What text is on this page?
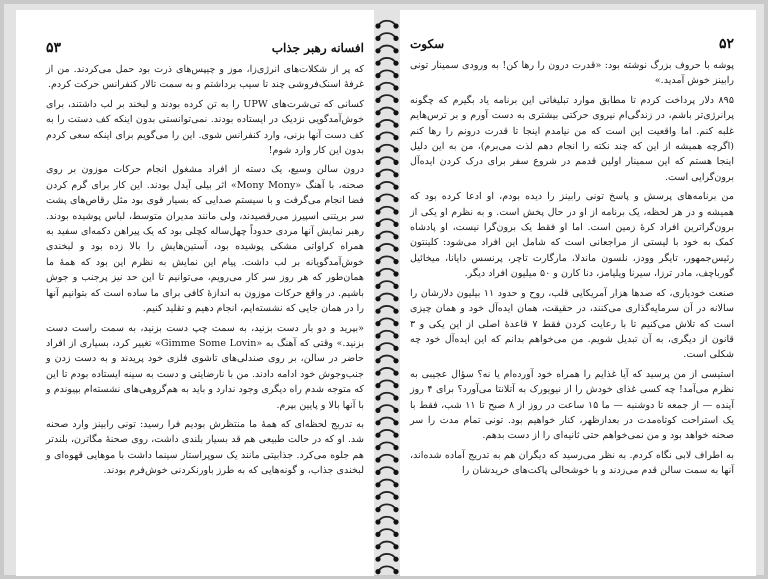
افسانه رهبر جذاب
۵۳

که پر از شکلات‌های انرژی‌زا، موز و چیپس‌های ذرت بود حمل می‌کردند. من از غرفهٔ اسنک‌فروشی چند تا سیب برداشتم و به سمت تالار کنفرانس حرکت کردم.

کسانی که تی‌شرت‌های UPW را به تن کرده بودند و لبخند بر لب داشتند، برای خوش‌آمدگویی نزدیک در ایستاده بودند. نمی‌توانستی بدون اینکه کف دستت را به کف دست آنها بزنی، وارد کنفرانس شوی. این را می‌گویم برای اینکه سعی کردم بدون این کار وارد شوم!

درون سالن وسیع، یک دسته از افراد مشغول انجام حرکات موزون بر روی صحنه، با آهنگ «Mony Mony» اثر بیلی آیدل بودند. این کار برای گرم کردن فضا انجام می‌گرفت و با سیستم صدایی که بسیار قوی بود مثل رقاص‌های پشت سر بریتنی اسپیرز می‌رقصیدند، ولی مانند مدیران متوسط، لباس پوشیده بودند. رهبر نمایش آنها مردی حدوداً چهل‌ساله کچلی بود که یک پیراهن دکمه‌ای سفید به همراه کراواتی مشکی پوشیده بود، آستین‌هایش را بالا زده بود و لبخندی خوش‌آمدگویانه بر لب داشت. پیام این نمایش به نظرم این بود که همهٔ ما همان‌طور که هر روز سر کار می‌رویم، می‌توانیم تا این حد نیز پرجنب و جوش باشیم. در واقع حرکات موزون به اندازهٔ کافی برای ما ساده است که بتوانیم آنها را در همان جایی که نشسته‌ایم، انجام دهیم و تقلید کنیم.

«بپرید و دو بار دست بزنید، به سمت چپ دست بزنید، به سمت راست دست بزنید.» وقتی که آهنگ به «Gimme Some Lovin» تغییر کرد، بسیاری از افراد حاضر در سالن، بر روی صندلی‌های تاشوی فلزی خود پریدند و به دست زدن و جنب‌وجوش خود ادامه دادند. من با نارضایتی و دست به سینه ایستاده بودم تا این که متوجه شدم راه دیگری وجود ندارد و باید به هم‌گروهی‌های نشسته‌ام بپیوندم و با آنها بالا و پایین بپرم.

به تدریج لحظه‌ای که همهٔ ما منتظرش بودیم فرا رسید: تونی رابینز وارد صحنه شد. او که در حالت طبیعی هم قد بسیار بلندی داشت، روی صحنهٔ مگاترن، بلندتر هم جلوه می‌کرد. جذابیتی مانند یک سوپراستار سینما داشت با موهایی قهوه‌ای و لبخندی جذاب، و گونه‌هایی که به طرز باورنکردنی خوش‌فرم بودند.

۵۲
سکوت

پوشه با حروف بزرگ نوشته بود: «قدرت درون را رها کن! به ورودی سمینار تونی رابینز خوش آمدید.»

۸۹۵ دلار پرداخت کردم تا مطابق موارد تبلیغاتی این برنامه یاد بگیرم که چگونه پرانرژی‌تر باشم، در زندگی‌ام نیروی حرکتی بیشتری به دست آورم و بر ترس‌هایم غلبه کنم. اما واقعیت این است که من نیامدم اینجا تا قدرت درونم را رها کنم (اگرچه همیشه از این که چند نکته را انجام دهم لذت می‌برم)، من به این دلیل اینجا هستم که این سمینار اولین قدمم در شروع سفر برای درک کردن ایده‌آل برون‌گرایی است.

من برنامه‌های پرسش و پاسخ تونی رابینز را دیده بودم، او ادعا کرده بود که همیشه و در هر لحظه، یک برنامه از او در حال پخش است. و به نظرم او یکی از برون‌گراترین افراد کرهٔ زمین است. اما او فقط یک برون‌گرا نیست، او پادشاه کمک به خود با لیستی از مراجعانی است که شامل این افراد می‌شود: کلینتون رئیس‌جمهور، تایگر وودز، نلسون ماندلا، مارگارت تاچر، پرنسس دایانا، میخائیل گورباچف، مادر ترزا، سیرنا ویلیامز، دنا کارن و ۵۰ میلیون افراد دیگر.

صنعت خودیاری، که صدها هزار آمریکایی قلب، روح و حدود ۱۱ بیلیون دلارشان را سالانه در آن سرمایه‌گذاری می‌کنند، در حقیقت، همان ایده‌آل خود و همان چیزی است که تلاش می‌کنیم تا با رعایت کردن فقط ۷ قاعدهٔ اصلی از این یکی و ۳ قانون از دیگری، به آن تبدیل شویم. من می‌خواهم بدانم که این ایده‌آل خود چه شکلی است.

استیسی از من پرسید که آیا غذایم را همراه خود آورده‌ام یا نه؟ سؤال عجیبی به نظرم می‌آمد! چه کسی غذای خودش را از نیویورک به آتلانتا می‌آورد؟ برای ۴ روز آینده — از جمعه تا دوشنبه — ما ۱۵ ساعت در روز از ۸ صبح تا ۱۱ شب، فقط با یک استراحت کوتاه‌مدت در بعدازظهر، کنار خواهیم بود. تونی تمام مدت را سر صحنه خواهد بود و من نمی‌خواهم حتی ثانیه‌ای را از دست بدهم.

به اطراف لابی نگاه کردم. به نظر می‌رسید که دیگران هم به تدریج آماده شده‌اند، آنها به سمت سالن قدم می‌زدند و با خوشحالی پاکت‌های خریدشان را
